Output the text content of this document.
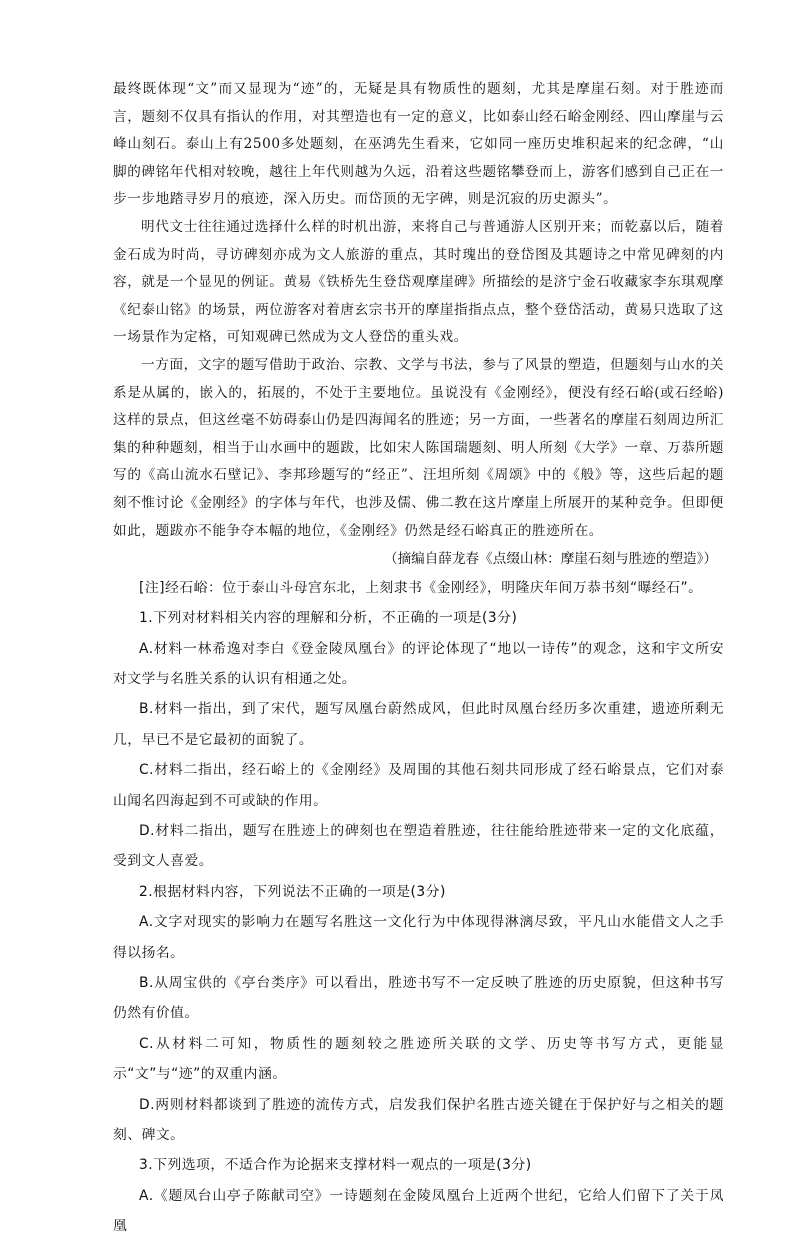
最终既体现“文”而又显现为“迹”的，无疑是具有物质性的题刻，尤其是摩崖石刻。对于胜迹而言，题刻不仅具有指认的作用，对其塑造也有一定的意义，比如泰山经石峪金刚经、四山摩崖与云峰山刻石。泰山上有2500多处题刻，在巫鸿先生看来，它如同一座历史堆积起来的纪念碑，“山脚的碑铭年代相对较晚，越往上年代则越为久远，沿着这些题铭攀登而上，游客们感到自己正在一步一步地踏寻岁月的痕迹，深入历史。而岱顶的无字碑，则是沉寂的历史源头”。

明代文士往往通过选择什么样的时机出游，来将自己与普通游人区别开来；而乾嘉以后，随着金石成为时尚，寻访碑刻亦成为文人旅游的重点，其时瑰出的登岱图及其题诗之中常见碑刻的内容，就是一个显见的例证。黄易《铁桥先生登岱观摩崖碑》所描绘的是济宁金石收藏家李东琪观摩《纪泰山铭》的场景，两位游客对着唐玄宗书开的摩崖指指点点，整个登岱活动，黄易只选取了这一场景作为定格，可知观碑已然成为文人登岱的重头戏。

一方面，文字的题写借助于政治、宗教、文学与书法，参与了风景的塑造，但题刻与山水的关系是从属的，嵌入的，拓展的，不处于主要地位。虽说没有《金刚经》，便没有经石峪(或石经峪)这样的景点，但这丝毫不妨碍泰山仍是四海闻名的胜迹；另一方面，一些著名的摩崖石刻周边所汇集的种种题刻，相当于山水画中的题跋，比如宋人陈国瑞题刻、明人所刻《大学》一章、万恭所题写的《高山流水石壁记》、李邦珍题写的“经正”、汪坦所刻《周颂》中的《般》等，这些后起的题刻不惟讨论《金刚经》的字体与年代，也涉及儒、佛二教在这片摩崖上所展开的某种竞争。但即便如此，题跋亦不能争夺本幅的地位，《金刚经》仍然是经石峪真正的胜迹所在。

（摘编自薛龙春《点缀山林：摩崖石刻与胜迹的塑造》）

[注]经石峪：位于泰山斗母宫东北，上刻隶书《金刚经》，明隆庆年间万恭书刻“曝经石”。

1.下列对材料相关内容的理解和分析，不正确的一项是(3分)

A.材料一林希逸对李白《登金陵凤凰台》的评论体现了“地以一诗传”的观念，这和宇文所安对文学与名胜关系的认识有相通之处。

B.材料一指出，到了宋代，题写凤凰台蔚然成风，但此时凤凰台经历多次重建，遗迹所剩无几，早已不是它最初的面貌了。

C.材料二指出，经石峪上的《金刚经》及周围的其他石刻共同形成了经石峪景点，它们对泰山闻名四海起到不可或缺的作用。

D.材料二指出，题写在胜迹上的碑刻也在塑造着胜迹，往往能给胜迹带来一定的文化底蕴，受到文人喜爱。

2.根据材料内容，下列说法不正确的一项是(3分)

A.文字对现实的影响力在题写名胜这一文化行为中体现得淋漓尽致，平凡山水能借文人之手得以扬名。

B.从周宝供的《亭台类序》可以看出，胜迹书写不一定反映了胜迹的历史原貌，但这种书写仍然有价值。

C.从材料二可知，物质性的题刻较之胜迹所关联的文学、历史等书写方式，更能显示“文”与“迹”的双重内涵。

D.两则材料都谈到了胜迹的流传方式，启发我们保护名胜古迹关键在于保护好与之相关的题刻、碑文。

3.下列选项，不适合作为论据来支撑材料一观点的一项是(3分)

A.《题凤台山亭子陈献司空》一诗题刻在金陵凤凰台上近两个世纪，它给人们留下了关于凤凰
